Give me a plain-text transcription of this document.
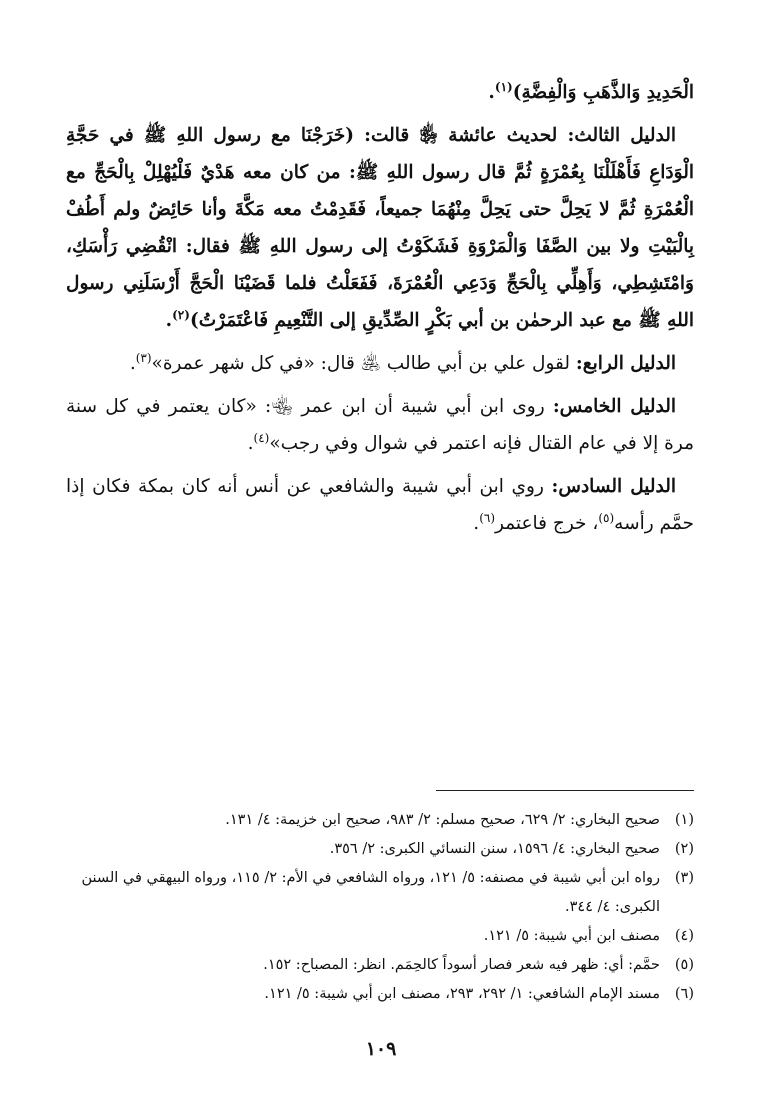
الْحَدِيدِ وَالذَّهَبِ وَالْفِضَّةِ)$^{(١)}$.

الدليل الثالث: لحديث عائشة ﵂ قالت: (خَرَجْنَا مع رسول اللهِ ﷺ في حَجَّةِ الْوَدَاعِ فَأَهْلَلْنَا بِعُمْرَةٍ ثُمَّ قال رسول اللهِ ﷺ: من كان معه هَدْيٌ فَلْيُهْلِلْ بِالْحَجِّ مع الْعُمْرَةِ ثُمَّ لا يَحِلَّ حتى يَحِلَّ مِنْهُمَا جميعاً، فَقَدِمْتُ معه مَكَّةَ وأنا حَائِضٌ ولم أَطُفْ بِالْبَيْتِ ولا بين الصَّفَا وَالْمَرْوَةِ فَشَكَوْتُ إلى رسول اللهِ ﷺ فقال: انْقُضِي رَأْسَكِ، وَامْتَشِطِي، وَأَهِلِّي بِالْحَجِّ وَدَعِي الْعُمْرَةَ، فَفَعَلْتُ فلما قَضَيْنَا الْحَجَّ أَرْسَلَنِي رسول اللهِ ﷺ مع عبد الرحمٰن بن أبي بَكْرٍ الصِّدِّيقِ إلى التَّنْعِيمِ فَاعْتَمَرْتُ)$^{(٢)}$.

الدليل الرابع: لقول علي بن أبي طالب ﵁ قال: «في كل شهر عمرة»$^{(٣)}$.

الدليل الخامس: روى ابن أبي شيبة أن ابن عمر ﵄: «كان يعتمر في كل سنة مرة إلا في عام القتال فإنه اعتمر في شوال وفي رجب»$^{(٤)}$.

الدليل السادس: روي ابن أبي شيبة والشافعي عن أنس أنه كان بمكة فكان إذا حمَّم رأسه$^{(٥)}$، خرج فاعتمر$^{(٦)}$.

(١)
صحيح البخاري: ٢/ ٦٢٩، صحيح مسلم: ٢/ ٩٨٣، صحيح ابن خزيمة: ٤/ ١٣١.
(٢)
صحيح البخاري: ٤/ ١٥٩٦، سنن النسائي الكبرى: ٢/ ٣٥٦.
(٣)
رواه ابن أبي شيبة في مصنفه: ٥/ ١٢١، ورواه الشافعي في الأم: ٢/ ١١٥، ورواه البيهقي في السنن الكبرى: ٤/ ٣٤٤.
(٤)
مصنف ابن أبي شيبة: ٥/ ١٢١.
(٥)
حمَّم: أي: ظهر فيه شعر فصار أسوداً كالحِمَم. انظر: المصباح: ١٥٢.
(٦)
مسند الإمام الشافعي: ١/ ٢٩٢، ٢٩٣، مصنف ابن أبي شيبة: ٥/ ١٢١.
١٠٩
